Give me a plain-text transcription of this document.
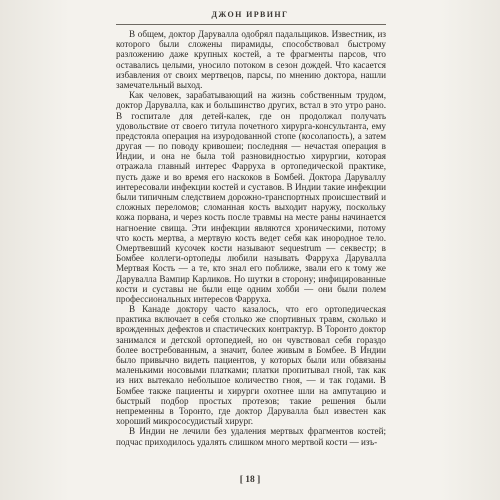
ДЖОН ИРВИНГ

В общем, доктор Даруваллa одобрял падальщиков. Известник, из которого были сложены пирамиды, способствовал быстрому разложению даже крупных костей, а те фрагменты парсов, что оставались целыми, уносило потоком в сезон дождей. Что касается избавления от своих мертвецов, парсы, по мнению доктора, нашли замечательный выход.

Как человек, зарабатывающий на жизнь собственным трудом, доктор Дарувалла, как и большинство других, встал в это утро рано. В госпитале для детей-калек, где он продолжал получать удовольствие от своего титула почетного хирурга-консультанта, ему предстояла операция на изуродованной стопе (косолапость), а затем другая — по поводу кривошеи; последняя — нечастая операция в Индии, и она не была той разновидностью хирургии, которая отражала главный интерес Фарруха в ортопедической практике, пусть даже и во время его наскоков в Бомбей. Доктора Даруваллу интересовали инфекции костей и суставов. В Индии такие инфекции были типичным следствием дорожно-транспортных происшествий и сложных переломов; сломанная кость выходит наружу, поскольку кожа порвана, и через кость после травмы на месте раны начинается нагноение свища. Эти инфекции являются хроническими, потому что кость мертва, а мертвую кость ведет себя как инородное тело. Омертвевший кусочек кости называют sequestrum — секвестр; в Бомбее коллеги-ортопеды любили называть Фарруха Дарувалла Мертвая Кость — а те, кто знал его поближе, звали его к тому же Дарувалла Вампир Карликов. Но шутки в сторону; инфицированные кости и суставы не были еще одним хобби — они были полем профессиональных интересов Фарруха.

В Канаде доктору часто казалось, что его ортопедическая практика включает в себя столько же спортивных травм, сколько и врожденных дефектов и спастических контрактур. В Торонто доктор занимался и детской ортопедией, но он чувствовал себя гораздо более востребованным, а значит, более живым в Бомбее. В Индии было привычно видеть пациентов, у которых были или обвязаны маленькими носовыми платками; платки пропитывал гной, так как из них вытекало небольшое количество гноя, — и так годами. В Бомбее также пациенты и хирурги охотнее шли на ампутацию и быстрый подбор простых протезов; такие решения были непременны в Торонто, где доктор Дарувалла был известен как хороший микрососудистый хирург.

В Индии не лечили без удаления мертвых фрагментов костей; подчас приходилось удалять слишком много мертвой кости — изъ-

[ 18 ]
